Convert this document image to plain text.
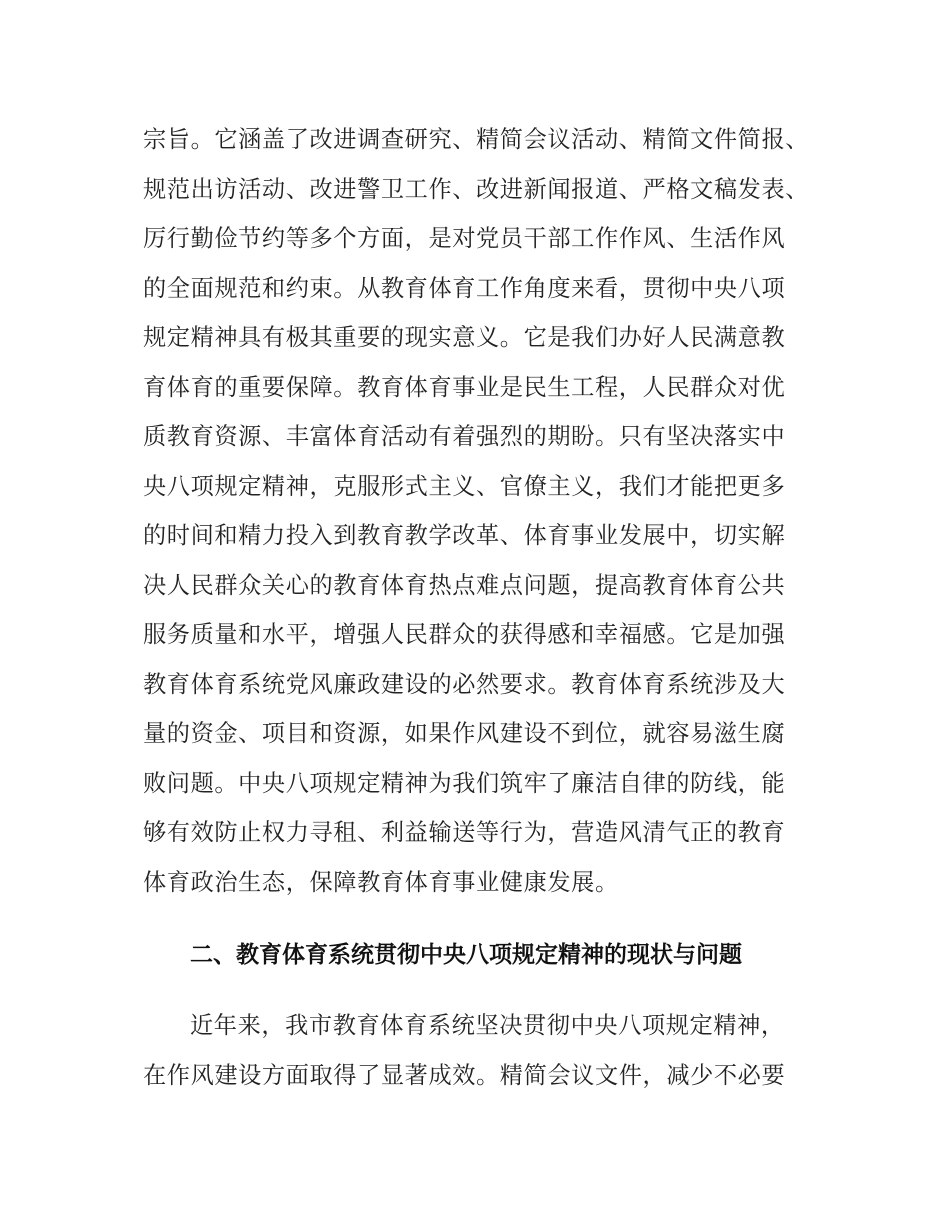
宗旨。它涵盖了改进调查研究、精简会议活动、精简文件简报、
规范出访活动、改进警卫工作、改进新闻报道、严格文稿发表、
厉行勤俭节约等多个方面，是对党员干部工作作风、生活作风
的全面规范和约束。从教育体育工作角度来看，贯彻中央八项
规定精神具有极其重要的现实意义。它是我们办好人民满意教
育体育的重要保障。教育体育事业是民生工程，人民群众对优
质教育资源、丰富体育活动有着强烈的期盼。只有坚决落实中
央八项规定精神，克服形式主义、官僚主义，我们才能把更多
的时间和精力投入到教育教学改革、体育事业发展中，切实解
决人民群众关心的教育体育热点难点问题，提高教育体育公共
服务质量和水平，增强人民群众的获得感和幸福感。它是加强
教育体育系统党风廉政建设的必然要求。教育体育系统涉及大
量的资金、项目和资源，如果作风建设不到位，就容易滋生腐
败问题。中央八项规定精神为我们筑牢了廉洁自律的防线，能
够有效防止权力寻租、利益输送等行为，营造风清气正的教育
体育政治生态，保障教育体育事业健康发展。
二、教育体育系统贯彻中央八项规定精神的现状与问题
近年来，我市教育体育系统坚决贯彻中央八项规定精神，
在作风建设方面取得了显著成效。精简会议文件，减少不必要
